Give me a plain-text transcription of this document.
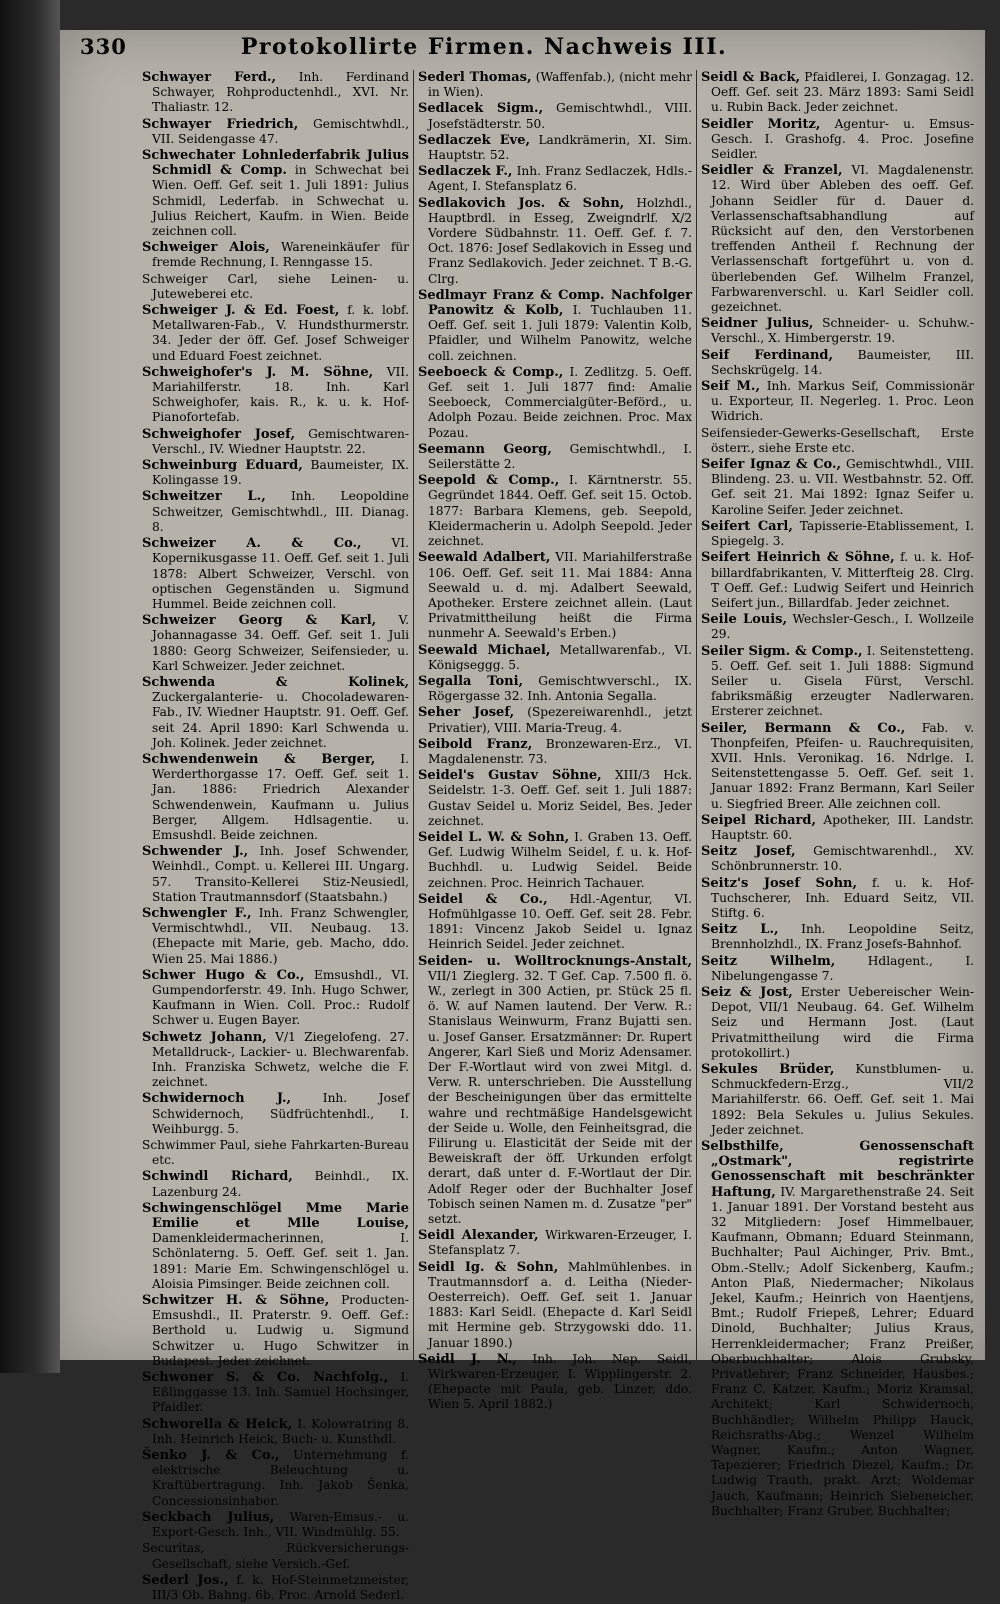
330	Protokollirte Firmen. Nachweis III.
Schwayer Ferd., Inh. Ferdinand Schwayer, Rohproductenhdl., XVI. Nr. Thaliastr. 12.
Schwayer Friedrich, Gemischtwhdl., VII. Seidengasse 47.
Schwechater Lohnlederfabrik Julius Schmidl & Comp. in Schwechat bei Wien. Oeff. Gef. seit 1. Juli 1891: Julius Schmidl, Lederfab. in Schwechat u. Julius Reichert, Kaufm. in Wien. Beide zeichnen coll.
Schweiger Alois, Wareneinkäufer für fremde Rechnung, I. Renngasse 15.
Schweiger Carl, siehe Leinen- u. Juteweberei etc.
Schweiger J. & Ed. Foest, f. k. lobf. Metallwaren-Fab., V. Hundsthurmerstr. 34. Jeder der öff. Gef. Josef Schweiger und Eduard Foest zeichnet.
Schweighofer's J. M. Söhne, VII. Mariahilferstr. 18. Inh. Karl Schweighofer, kais. R., k. u. k. Hof-Pianofortefab.
Schweighofer Josef, Gemischtwaren-Verschl., IV. Wiedner Hauptstr. 22.
Schweinburg Eduard, Baumeister, IX. Kolingasse 19.
Schweitzer L., Inh. Leopoldine Schweitzer, Gemischtwhdl., III. Dianag. 8.
Schweizer A. & Co., VI. Kopernikusgasse 11. Oeff. Gef. seit 1. Juli 1878: Albert Schweizer, Verschl. von optischen Gegenständen u. Sigmund Hummel. Beide zeichnen coll.
Schweizer Georg & Karl, V. Johannagasse 34. Oeff. Gef. seit 1. Juli 1880: Georg Schweizer, Seifensieder, u. Karl Schweizer. Jeder zeichnet.
Schwenda & Kolinek, Zuckergalanterie- u. Chocoladewaren-Fab., IV. Wiedner Hauptstr. 91. Oeff. Gef. seit 24. April 1890: Karl Schwenda u. Joh. Kolinek. Jeder zeichnet.
Schwendenwein & Berger, I. Werderthorgasse 17. Oeff. Gef. seit 1. Jan. 1886: Friedrich Alexander Schwendenwein, Kaufmann u. Julius Berger, Allgem. Hdlsagentie. u. Emsushdl. Beide zeichnen.
Schwender J., Inh. Josef Schwender, Weinhdl., Compt. u. Kellerei III. Ungarg. 57. Transito-Kellerei Stiz-Neusiedl, Station Trautmannsdorf (Staatsbahn.)
Schwengler F., Inh. Franz Schwengler, Vermischtwhdl., VII. Neubaug. 13. (Ehepacte mit Marie, geb. Macho, ddo. Wien 25. Mai 1886.)
Schwer Hugo & Co., Emsushdl., VI. Gumpendorferstr. 49. Inh. Hugo Schwer, Kaufmann in Wien. Coll. Proc.: Rudolf Schwer u. Eugen Bayer.
Schwetz Johann, V/1 Ziegelofeng. 27. Metalldruck-, Lackier- u. Blechwarenfab. Inh. Franziska Schwetz, welche die F. zeichnet.
Schwidernoch J.,	Inh. Josef Schwidernoch, Südfrüchtenhdl., I. Weihburgg. 5.
Schwimmer Paul, siehe Fahrkarten-Bureau etc.
Schwindl Richard, Beinhdl., IX. Lazenburg 24.
Schwingenschlögel Mme Marie Emilie et Mlle Louise, Damenkleidermacherinnen, I. Schönlaterng. 5. Oeff. Gef. seit 1. Jan. 1891: Marie Em. Schwingenschlögel u. Aloisia Pimsinger. Beide zeichnen coll.
Schwitzer H. & Söhne, Producten-Emsushdl., II. Praterstr. 9. Oeff. Gef.: Berthold u. Ludwig u. Sigmund Schwitzer u. Hugo Schwitzer in Budapest. Jeder zeichnet.
Schwoner S. & Co. Nachfolg., I. Eßlinggasse 13. Inh. Samuel Hochsinger, Pfaidler.
Schworella & Heick, I. Kolowratring 8. Inh. Heinrich Heick, Buch- u. Kunsthdl.
Šenko J. & Co., Unternehmung f. elektrische Beleuchtung u. Kraftübertragung. Inh. Jakob Šenka, Concessionsinhaber.
Seckbach Julius, Waren-Emsus.- u. Export-Gesch. Inh., VII. Windmühlg. 55.
Securitas, Rückversicherungs-Gesellschaft, siehe Versich.-Gef.
Sederl Jos., f. k. Hof-Steinmetzmeister, III/3 Ob. Bahng. 6b. Proc. Arnold Sederl.
Sederl Thomas, (Waffenfab.), (nicht mehr in Wien).
Sedlacek Sigm., Gemischtwhdl., VIII. Josefstädterstr. 50.
Sedlaczek Eve, Landkrämerin, XI. Sim. Hauptstr. 52.
Sedlaczek F., Inh. Franz Sedlaczek, Hdls.-Agent, I. Stefansplatz 6.
Sedlakovich Jos. & Sohn, Holzhdl., Hauptbrdl. in Esseg, Zweigndrlf. X/2 Vordere Südbahnstr. 11. Oeff. Gef. f. 7. Oct. 1876: Josef Sedlakovich in Esseg und Franz Sedlakovich. Jeder zeichnet. T B.-G. Clrg.
Sedlmayr Franz & Comp. Nachfolger Panowitz & Kolb, I. Tuchlauben 11. Oeff. Gef. seit 1. Juli 1879: Valentin Kolb, Pfaidler, und Wilhelm Panowitz, welche coll. zeichnen.
Seeboeck & Comp., I. Zedlitzg. 5. Oeff. Gef. seit 1. Juli 1877 find: Amalie Seeboeck, Commercialgüter-Beförd., u. Adolph Pozau. Beide zeichnen. Proc. Max Pozau.
Seemann Georg, Gemischtwhdl., I. Seilerstätte 2.
Seepold & Comp., I. Kärntnerstr. 55. Gegründet 1844. Oeff. Gef. seit 15. Octob. 1877: Barbara Klemens, geb. Seepold, Kleidermacherin u. Adolph Seepold. Jeder zeichnet.
Seewald Adalbert, VII. Mariahilferstraße 106. Oeff. Gef. seit 11. Mai 1884: Anna Seewald u. d. mj. Adalbert Seewald, Apotheker. Erstere zeichnet allein. (Laut Privatmittheilung heißt die Firma nunmehr A. Seewald's Erben.)
Seewald Michael, Metallwarenfab., VI. Königseggg. 5.
Segalla Toni, Gemischtwverschl., IX. Rögergasse 32. Inh. Antonia Segalla.
Seher Josef, (Spezereiwarenhdl., jetzt Privatier), VIII. Maria-Treug. 4.
Seibold Franz, Bronzewaren-Erz., VI. Magdalenenstr. 73.
Seidel's Gustav Söhne, XIII/3 Hck. Seidelstr. 1-3. Oeff. Gef. seit 1. Juli 1887: Gustav Seidel u. Moriz Seidel, Bes. Jeder zeichnet.
Seidel L. W. & Sohn, I. Graben 13. Oeff. Gef. Ludwig Wilhelm Seidel, f. u. k. Hof-Buchhdl. u. Ludwig Seidel. Beide zeichnen. Proc. Heinrich Tachauer.
Seidel & Co., Hdl.-Agentur, VI. Hofmühlgasse 10. Oeff. Gef. seit 28. Febr. 1891: Vincenz Jakob Seidel u. Ignaz Heinrich Seidel. Jeder zeichnet.
Seiden- u. Wolltrocknungs-Anstalt, VII/1 Zieglerg. 32. T Gef. Cap. 7.500 fl. ö. W., zerlegt in 300 Actien, pr. Stück 25 fl. ö. W. auf Namen lautend. Der Verw. R.: Stanislaus Weinwurm, Franz Bujatti sen. u. Josef Ganser. Ersatzmänner: Dr. Rupert Angerer, Karl Sieß und Moriz Adensamer. Der F.-Wortlaut wird von zwei Mitgl. d. Verw. R. unterschrieben. Die Ausstellung der Bescheinigungen über das ermittelte wahre und rechtmäßige Handelsgewicht der Seide u. Wolle, den Feinheitsgrad, die Filirung u. Elasticität der Seide mit der Beweiskraft der öff. Urkunden erfolgt derart, daß unter d. F.-Wortlaut der Dir. Adolf Reger oder der Buchhalter Josef Tobisch seinen Namen m. d. Zusatze "per" setzt.
Seidl Alexander, Wirkwaren-Erzeuger, I. Stefansplatz 7.
Seidl Ig. & Sohn, Mahlmühlenbes. in Trautmannsdorf a. d. Leitha (Nieder-Oesterreich). Oeff. Gef. seit 1. Januar 1883: Karl Seidl. (Ehepacte d. Karl Seidl mit Hermine geb. Strzygowski ddo. 11. Januar 1890.)
Seidl J. N., Inh. Joh. Nep. Seidl, Wirkwaren-Erzeuger, I. Wipplingerstr. 2. (Ehepacte mit Paula, geb. Linzer, ddo. Wien 5. April 1882.)
Seidl & Back, Pfaidlerei, I. Gonzagag. 12. Oeff. Gef. seit 23. März 1893: Sami Seidl u. Rubin Back. Jeder zeichnet.
Seidler Moritz, Agentur- u. Emsus-Gesch. I. Grashofg. 4. Proc. Josefine Seidler.
Seidler & Franzel, VI. Magdalenenstr. 12. Wird über Ableben des oeff. Gef. Johann Seidler für d. Dauer d. Verlassenschaftsabhandlung auf Rücksicht auf den, den Verstorbenen treffenden Antheil f. Rechnung der Verlassenschaft fortgeführt u. von d. überlebenden Gef. Wilhelm Franzel, Farbwarenverschl. u. Karl Seidler coll. gezeichnet.
Seidner Julius, Schneider- u. Schuhw.-Verschl., X. Himbergerstr. 19.
Seif Ferdinand, Baumeister, III. Sechskrügelg. 14.
Seif M., Inh. Markus Seif, Commissionär u. Exporteur, II. Negerleg. 1. Proc. Leon Widrich.
Seifensieder-Gewerks-Gesellschaft, Erste österr., siehe Erste etc.
Seifer Ignaz & Co., Gemischtwhdl., VIII. Blindeng. 23. u. VII. Westbahnstr. 52. Off. Gef. seit 21. Mai 1892: Ignaz Seifer u. Karoline Seifer. Jeder zeichnet.
Seifert Carl, Tapisserie-Etablissement, I. Spiegelg. 3.
Seifert Heinrich & Söhne, f. u. k. Hof-billardfabrikanten, V. Mitterfteig 28. Clrg. T Oeff. Gef.: Ludwig Seifert und Heinrich Seifert jun., Billardfab. Jeder zeichnet.
Seile Louis, Wechsler-Gesch., I. Wollzeile 29.
Seiler Sigm. & Comp., I. Seitenstetteng. 5. Oeff. Gef. seit 1. Juli 1888: Sigmund Seiler u. Gisela Fürst, Verschl. fabriksmäßig erzeugter Nadlerwaren. Ersterer zeichnet.
Seiler, Bermann & Co., Fab. v. Thonpfeifen, Pfeifen- u. Rauchrequisiten, XVII. Hnls. Veronikag. 16. Ndrlge. I. Seitenstettengasse 5. Oeff. Gef. seit 1. Januar 1892: Franz Bermann, Karl Seiler u. Siegfried Breer. Alle zeichnen coll.
Seipel Richard, Apotheker, III. Landstr. Hauptstr. 60.
Seitz Josef, Gemischtwarenhdl., XV. Schönbrunnerstr. 10.
Seitz's Josef Sohn, f. u. k. Hof-Tuchscherer, Inh. Eduard Seitz, VII. Stiftg. 6.
Seitz L., Inh. Leopoldine Seitz, Brennholzhdl., IX. Franz Josefs-Bahnhof.
Seitz Wilhelm,	Hdlagent., I. Nibelungengasse 7.
Seiz & Jost, Erster Uebereischer Wein-Depot, VII/1 Neubaug. 64. Gef. Wilhelm Seiz und Hermann Jost. (Laut Privatmittheilung wird die Firma protokollirt.)
Sekules Brüder, Kunstblumen- u. Schmuckfedern-Erzg., VII/2 Mariahilferstr. 66. Oeff. Gef. seit 1. Mai 1892: Bela Sekules u. Julius Sekules. Jeder zeichnet.
Selbsthilfe, Genossenschaft „Ostmark", registrirte Genossenschaft mit beschränkter Haftung, IV. Margarethenstraße 24. Seit 1. Januar 1891. Der Vorstand besteht aus 32 Mitgliedern: Josef Himmelbauer, Kaufmann, Obmann; Eduard Steinmann, Buchhalter; Paul Aichinger, Priv. Bmt., Obm.-Stellv.; Adolf Sickenberg, Kaufm.; Anton Plaß, Niedermacher; Nikolaus Jekel, Kaufm.; Heinrich von Haentjens, Bmt.; Rudolf Friepeß, Lehrer; Eduard Dinold, Buchhalter; Julius Kraus, Herrenkleidermacher; Franz Preißer, Oberbuchhalter; Alois Grubsky, Privatlehrer; Franz Schneider, Hausbes.; Franz C. Katzer, Kaufm.; Moriz Kramsal, Architekt; Karl Schwidernoch, Buchhändler; Wilhelm Philipp Hauck, Reichsraths-Abg.; Wenzel Wilhelm Wagner, Kaufm.; Anton Wagner, Tapezierer; Friedrich Diezel, Kaufm.; Dr. Ludwig Trauth, prakt. Arzt; Woldemar Jauch, Kaufmann; Heinrich Siebeneicher, Buchhalter; Franz Gruber, Buchhalter;
